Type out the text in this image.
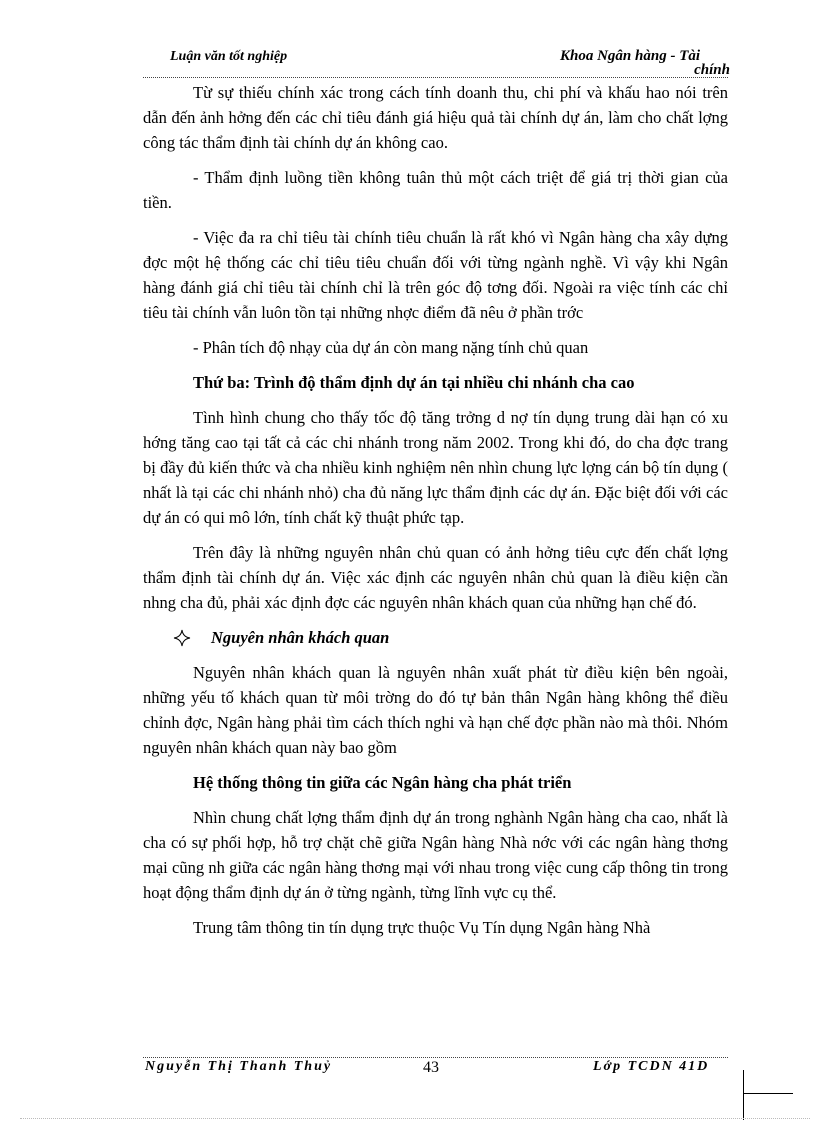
Luận văn tốt nghiệp	Khoa Ngân hàng - Tài
chính

Từ sự thiếu chính xác trong cách tính doanh thu, chi phí và khấu hao nói trên dẫn đến ảnh hởng đến các chỉ tiêu đánh giá hiệu quả tài chính dự án, làm cho chất lợng công tác thẩm định tài chính dự án không cao.

- Thẩm định luồng tiền không tuân thủ một cách triệt để giá trị thời gian của tiền.

- Việc đa ra chỉ tiêu tài chính tiêu chuẩn là rất khó vì Ngân hàng cha xây dựng đợc một hệ thống các chỉ tiêu tiêu chuẩn đối với từng ngành nghề. Vì vậy khi Ngân hàng đánh giá chỉ tiêu tài chính chỉ là trên góc độ tơng đối. Ngoài ra việc tính các chỉ tiêu tài chính vẫn luôn tồn tại những nhợc điểm đã nêu ở phần trớc

- Phân tích độ nhạy của dự án còn mang nặng tính chủ quan

Thứ ba: Trình độ thẩm định dự án tại nhiều chi nhánh cha cao

Tình hình chung cho thấy tốc độ tăng trởng d nợ tín dụng trung dài hạn có xu hớng tăng cao tại tất cả các chi nhánh trong năm 2002. Trong khi đó, do cha đợc trang bị đầy đủ kiến thức và cha nhiều kinh nghiệm nên nhìn chung lực lợng cán bộ tín dụng ( nhất là tại các chi nhánh nhỏ) cha đủ năng lực thẩm định các dự án. Đặc biệt đối với các dự án có qui mô lớn, tính chất kỹ thuật phức tạp.

Trên đây là những nguyên nhân chủ quan có ảnh hởng tiêu cực đến chất lợng thẩm định tài chính dự án. Việc xác định các nguyên nhân chủ quan là điều kiện cần nhng cha đủ, phải xác định đợc các nguyên nhân khách quan của những hạn chế đó.

Nguyên nhân khách quan

Nguyên nhân khách quan là nguyên nhân xuất phát từ điều kiện bên ngoài, những yếu tố khách quan từ môi trờng do đó tự bản thân Ngân hàng không thể điều chỉnh đợc, Ngân hàng phải tìm cách thích nghi và hạn chế đợc phần nào mà thôi. Nhóm nguyên nhân khách quan này bao gồm

Hệ thống thông tin giữa các Ngân hàng cha phát triển

Nhìn chung chất lợng thẩm định dự án trong nghành Ngân hàng cha cao, nhất là cha có sự phối hợp, hỗ trợ chặt chẽ giữa Ngân hàng Nhà nớc với các ngân hàng thơng mại cũng nh giữa các ngân hàng thơng mại với nhau trong việc cung cấp thông tin trong hoạt động thẩm định dự án ở từng ngành, từng lĩnh vực cụ thể.

Trung tâm thông tin tín dụng trực thuộc Vụ Tín dụng Ngân hàng Nhà

Nguyễn Thị Thanh Thuỷ	43	Lớp TCDN 41D
